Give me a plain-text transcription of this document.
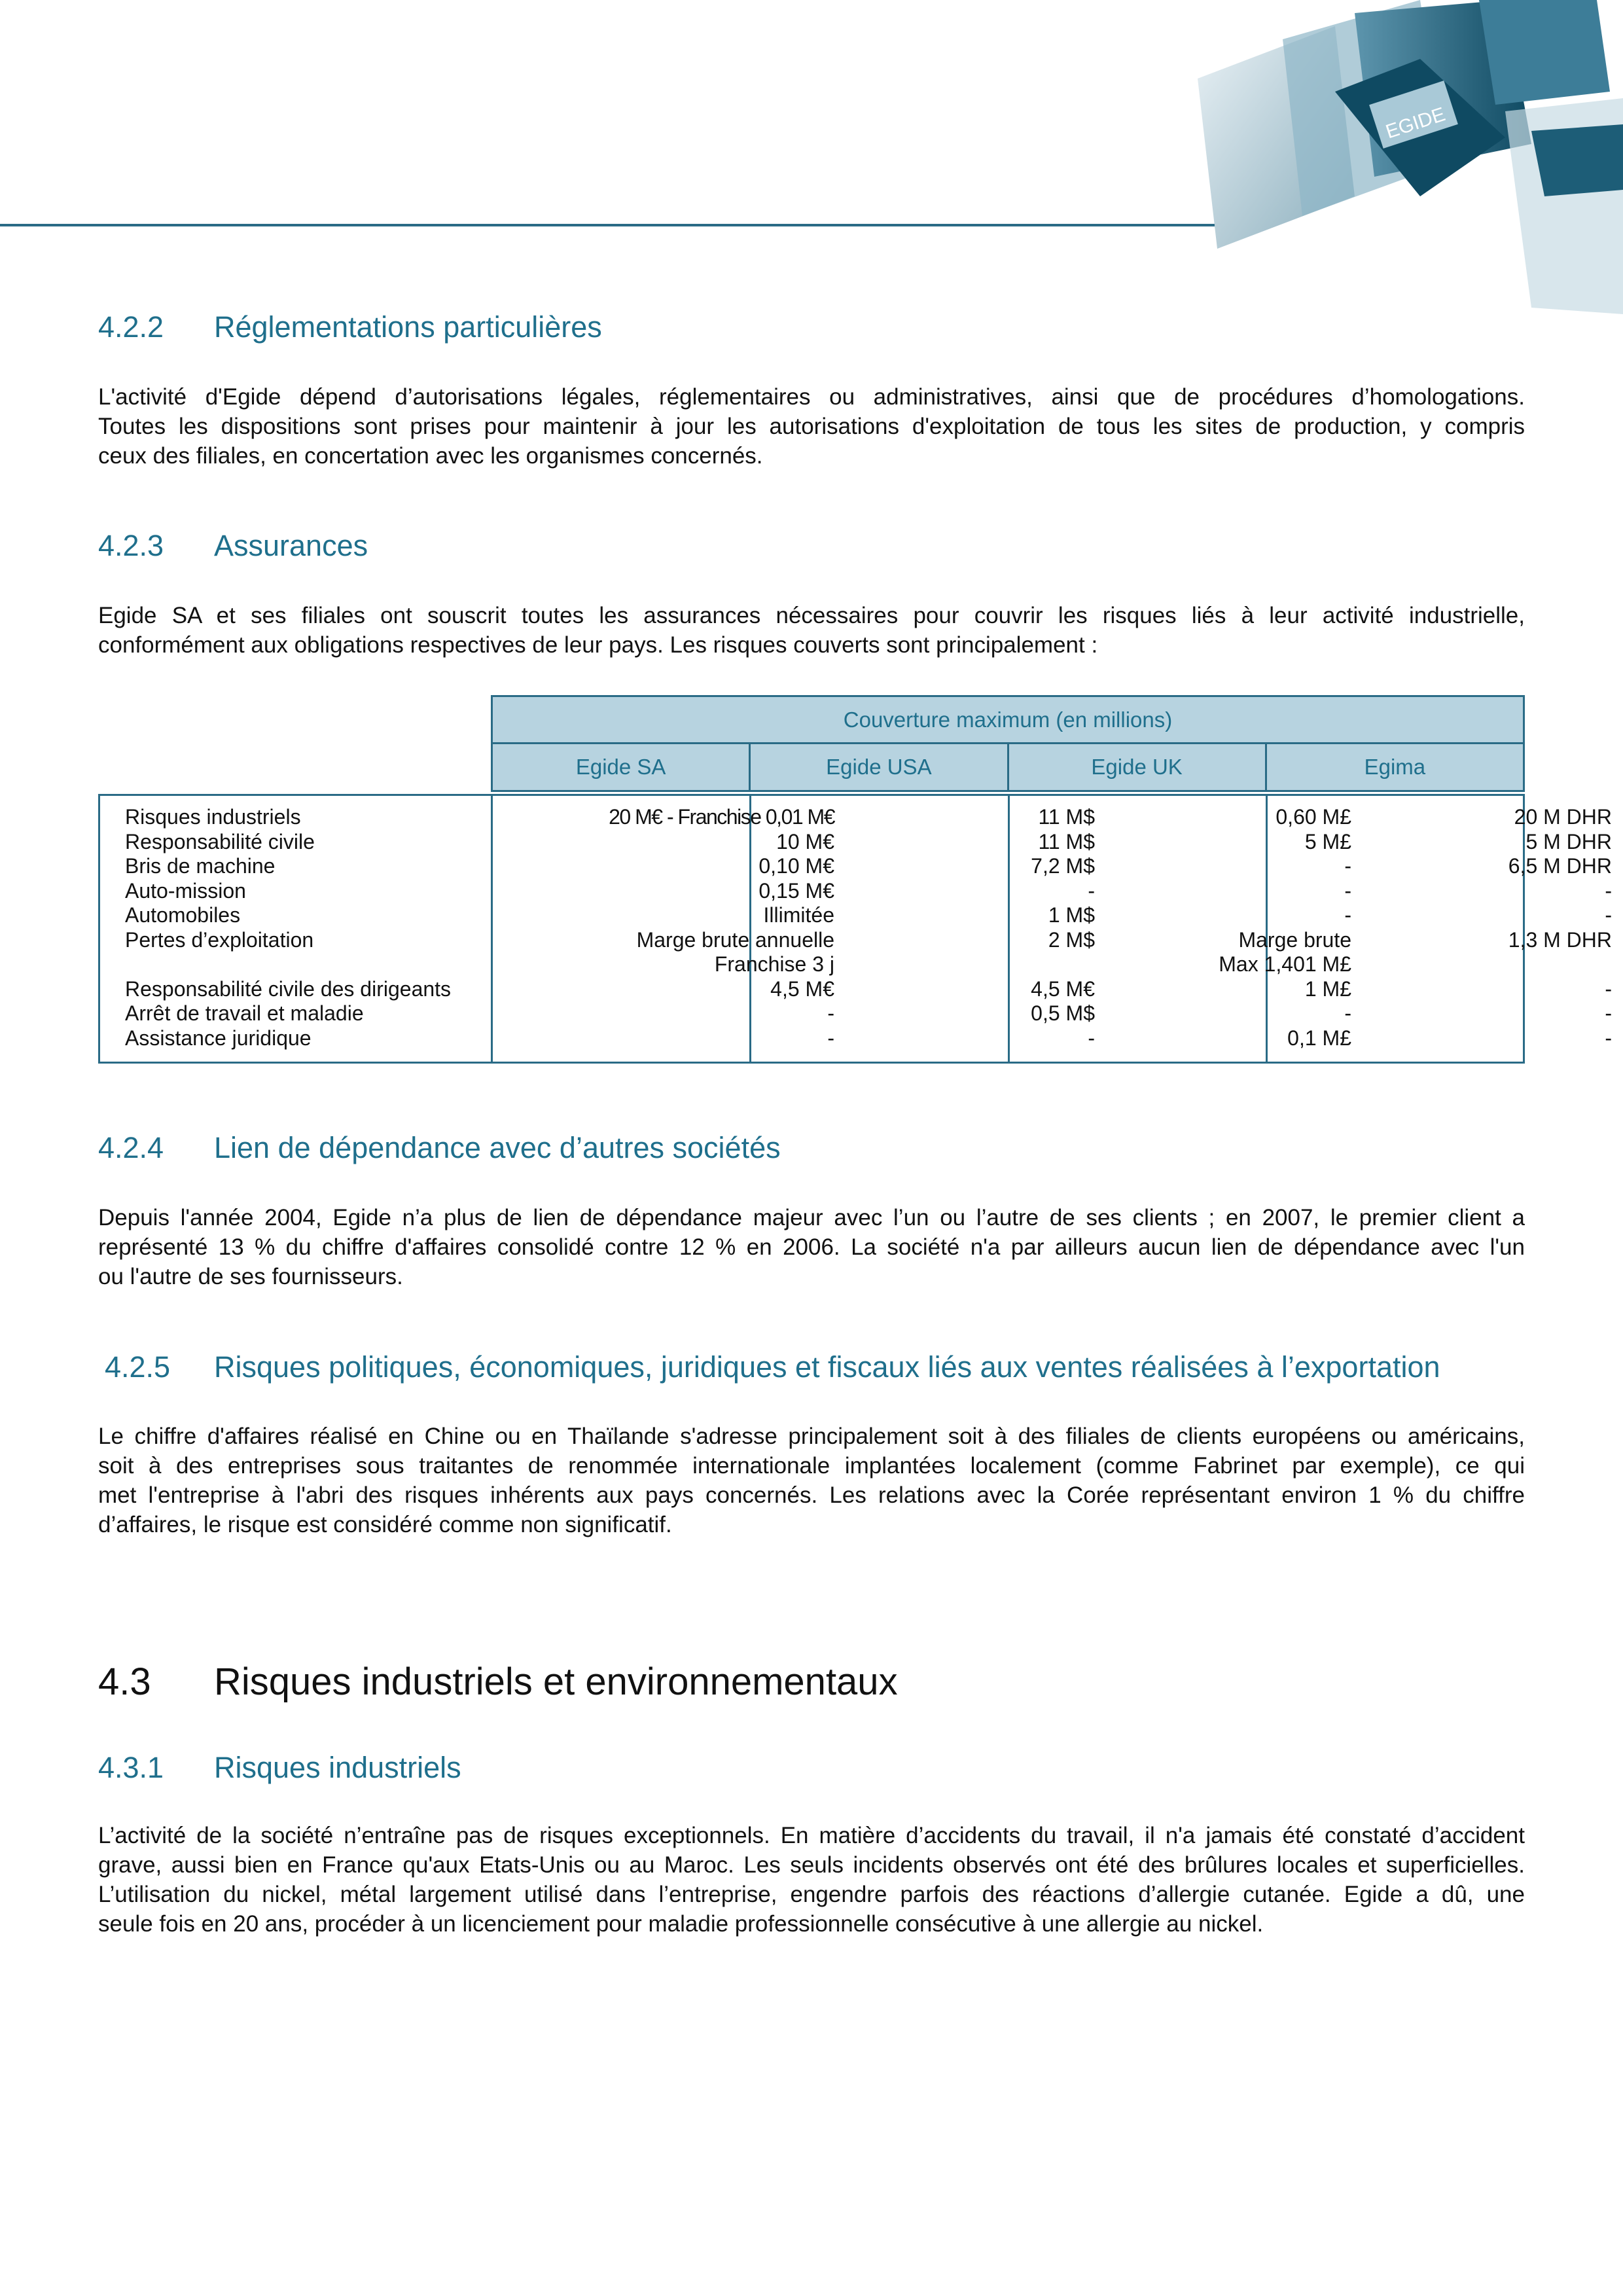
EGIDE
4.2.2 Réglementations particulières
L'activité d'Egide dépend d’autorisations légales, réglementaires ou administratives, ainsi que de procédures d’homologations.
Toutes les dispositions sont prises pour maintenir à jour les autorisations d'exploitation de tous les sites de production, y compris
ceux des filiales, en concertation avec les organismes concernés.
4.2.3 Assurances
Egide SA et ses filiales ont souscrit toutes les assurances nécessaires pour couvrir les risques liés à leur activité industrielle,
conformément aux obligations respectives de leur pays. Les risques couverts sont principalement :
Couverture maximum (en millions)
Egide SA	Egide USA	Egide UK	Egima
Risques industriels	20 M€ - Franchise 0,01 M€	11 M$	0,60 M£	20 M DHR
Responsabilité civile	10 M€	11 M$	5 M£	5 M DHR
Bris de machine	0,10 M€	7,2 M$	-	6,5 M DHR
Auto-mission	0,15 M€	-	-	-
Automobiles	Illimitée	1 M$	-	-
Pertes d’exploitation	Marge brute annuelle	2 M$	Marge brute	1,3 M DHR
Franchise 3 j	Max 1,401 M£
Responsabilité civile des dirigeants	4,5 M€	4,5 M€	1 M£	-
Arrêt de travail et maladie	-	0,5 M$	-	-
Assistance juridique	-	-	0,1 M£	-
4.2.4 Lien de dépendance avec d’autres sociétés
Depuis l'année 2004, Egide n’a plus de lien de dépendance majeur avec l’un ou l’autre de ses clients ; en 2007, le premier client a
représenté 13 % du chiffre d'affaires consolidé contre 12 % en 2006. La société n'a par ailleurs aucun lien de dépendance avec l'un
ou l'autre de ses fournisseurs.
4.2.5 Risques politiques, économiques, juridiques et fiscaux liés aux ventes réalisées à l’exportation
Le chiffre d'affaires réalisé en Chine ou en Thaïlande s'adresse principalement soit à des filiales de clients européens ou américains,
soit à des entreprises sous traitantes de renommée internationale implantées localement (comme Fabrinet par exemple), ce qui
met l'entreprise à l'abri des risques inhérents aux pays concernés. Les relations avec la Corée représentant environ 1 % du chiffre
d’affaires, le risque est considéré comme non significatif.
4.3 Risques industriels et environnementaux
4.3.1 Risques industriels
L’activité de la société n’entraîne pas de risques exceptionnels. En matière d’accidents du travail, il n'a jamais été constaté d’accident
grave, aussi bien en France qu'aux Etats-Unis ou au Maroc. Les seuls incidents observés ont été des brûlures locales et superficielles.
L’utilisation du nickel, métal largement utilisé dans l’entreprise, engendre parfois des réactions d’allergie cutanée. Egide a dû, une
seule fois en 20 ans, procéder à un licenciement pour maladie professionnelle consécutive à une allergie au nickel.
